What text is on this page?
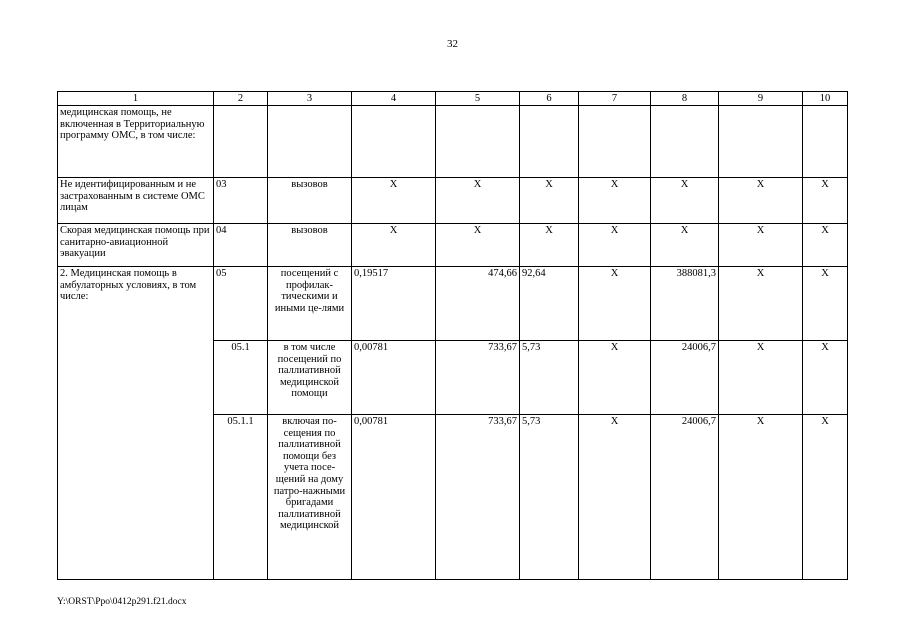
32
1	2	3	4	5	6	7	8	9	10
медицинская помощь, не включенная в Территориальную программу ОМС, в том числе:									
Не идентифицированным и не застрахованным в системе ОМС лицам	03	вызовов	Х	Х	Х	Х	Х	Х	Х
Скорая медицинская помощь при санитарно-авиационной эвакуации	04	вызовов	Х	Х	Х	Х	Х	Х	Х
2. Медицинская помощь в амбулаторных условиях, в том числе:	05	посещений с профилак-тическими и иными це-лями	0,19517	474,66	92,64	Х	388081,3	Х	Х
	05.1	в том числе посещений по паллиативной медицинской помощи	0,00781	733,67	5,73	Х	24006,7	Х	Х
	05.1.1	включая по-сещения по паллиативной помощи без учета посе-щений на дому патро-нажными бригадами паллиативной медицинской	0,00781	733,67	5,73	Х	24006,7	Х	Х
Y:\ORST\Ppo\0412p291.f21.docx
